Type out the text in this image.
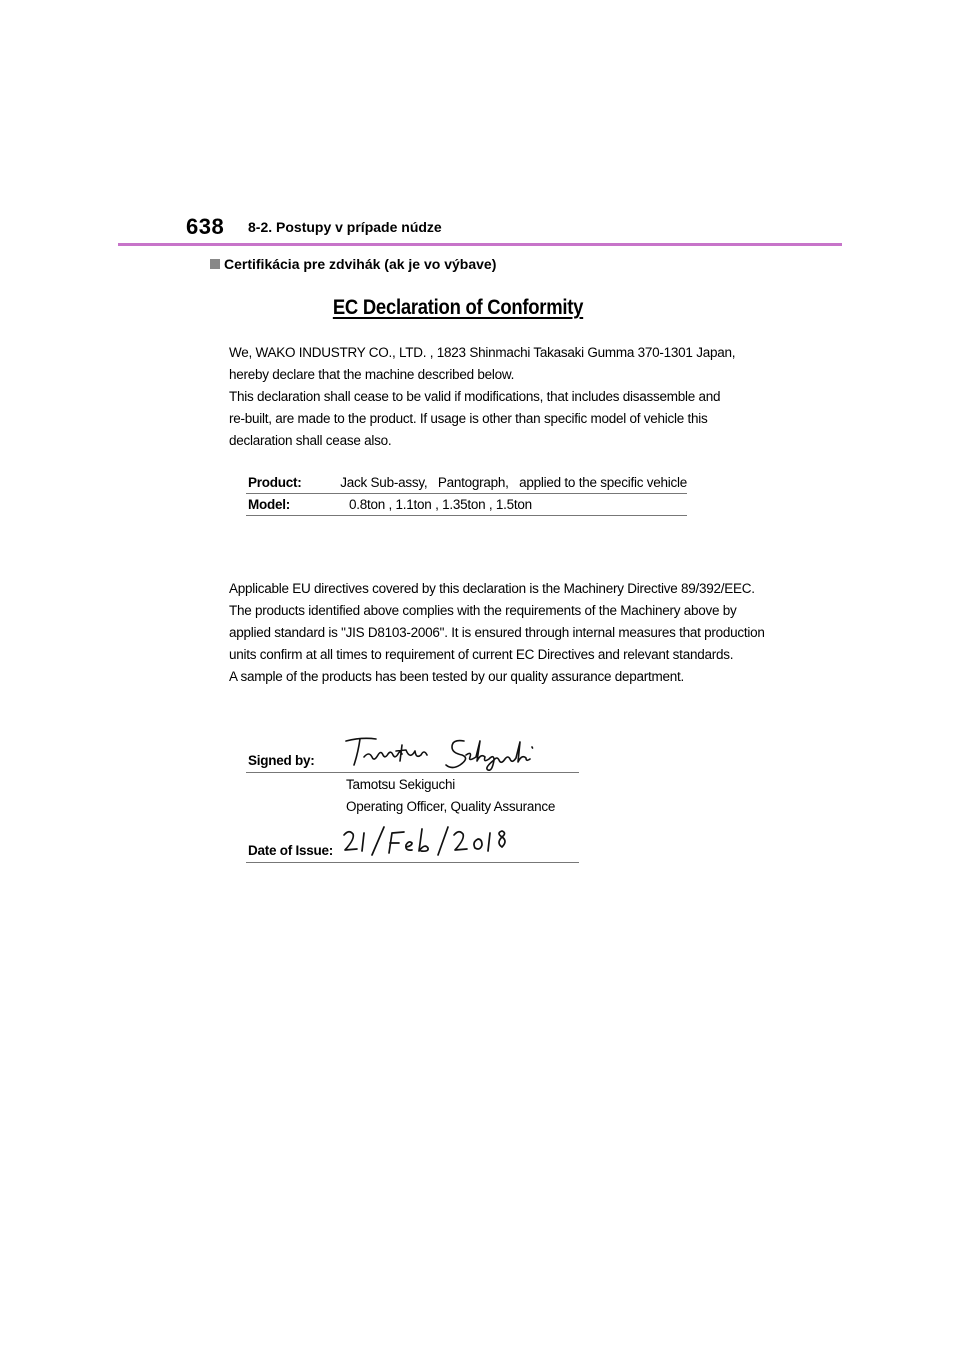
638 8-2. Postupy v prípade núdze
Certifikácia pre zdvihák (ak je vo výbave)
EC Declaration of Conformity
We, WAKO INDUSTRY CO., LTD. , 1823 Shinmachi Takasaki Gumma 370-1301 Japan,
hereby declare that the machine described below.
This declaration shall cease to be valid if modifications, that includes disassemble and
re-built, are made to the product. If usage is other than specific model of vehicle this
declaration shall cease also.
Product:	Jack Sub-assy,   Pantograph,   applied to the specific vehicle
Model:	0.8ton , 1.1ton , 1.35ton , 1.5ton
Applicable EU directives covered by this declaration is the Machinery Directive 89/392/EEC.
The products identified above complies with the requirements of the Machinery above by
applied standard is "JIS D8103-2006". It is ensured through internal measures that production
units confirm at all times to requirement of current EC Directives and relevant standards.
A sample of the products has been tested by our quality assurance department.
Signed by:
Tamotsu Sekiguchi
Operating Officer, Quality Assurance
Date of Issue:
